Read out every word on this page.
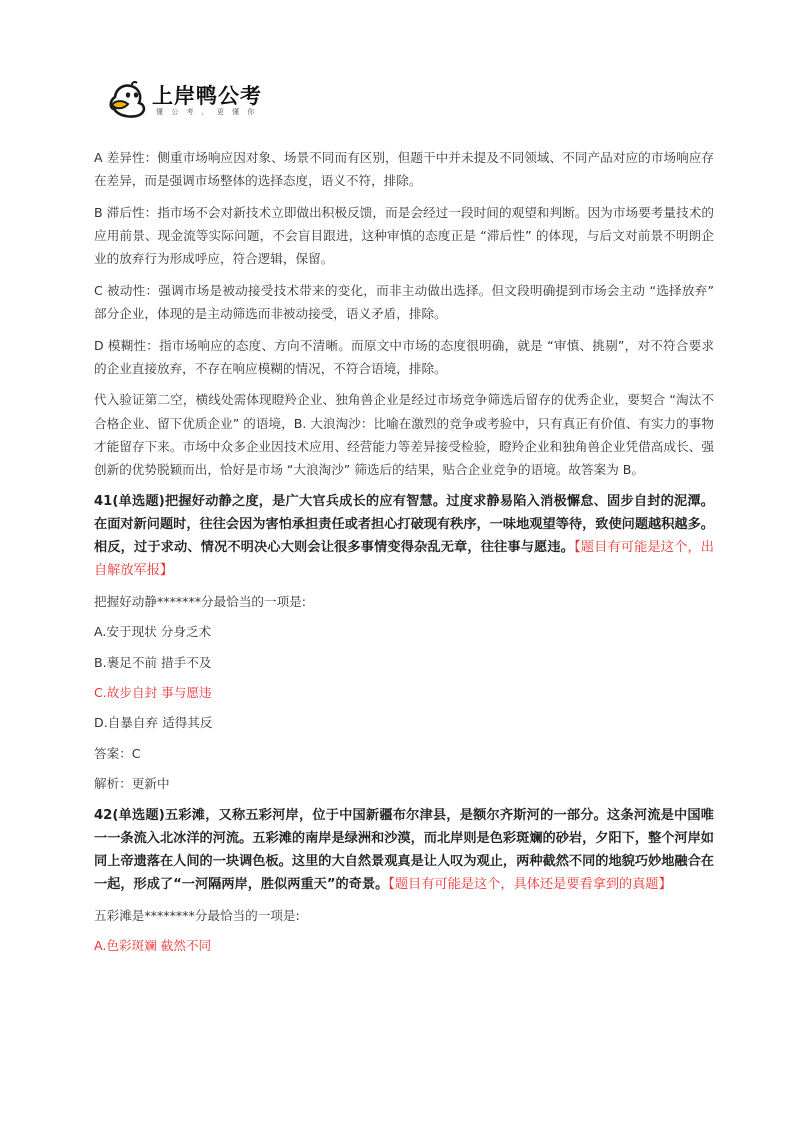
上岸鸭公考
懂 公 考 ， 更 懂 你

A 差异性：侧重市场响应因对象、场景不同而有区别，但题干中并未提及不同领域、不同产品对应的市场响应存在差异，而是强调市场整体的选择态度，语义不符，排除。

B 滞后性：指市场不会对新技术立即做出积极反馈，而是会经过一段时间的观望和判断。因为市场要考量技术的应用前景、现金流等实际问题，不会盲目跟进，这种审慎的态度正是 “滞后性” 的体现，与后文对前景不明朗企业的放弃行为形成呼应，符合逻辑，保留。

C 被动性：强调市场是被动接受技术带来的变化，而非主动做出选择。但文段明确提到市场会主动 “选择放弃” 部分企业，体现的是主动筛选而非被动接受，语义矛盾，排除。

D 模糊性：指市场响应的态度、方向不清晰。而原文中市场的态度很明确，就是 “审慎、挑剔”，对不符合要求的企业直接放弃，不存在响应模糊的情况，不符合语境，排除。

代入验证第二空，横线处需体现瞪羚企业、独角兽企业是经过市场竞争筛选后留存的优秀企业，要契合 “淘汰不合格企业、留下优质企业” 的语境，B. 大浪淘沙：比喻在激烈的竞争或考验中，只有真正有价值、有实力的事物才能留存下来。市场中众多企业因技术应用、经营能力等差异接受检验，瞪羚企业和独角兽企业凭借高成长、强创新的优势脱颖而出，恰好是市场 “大浪淘沙” 筛选后的结果，贴合企业竞争的语境。故答案为 B。

41(单选题)把握好动静之度，是广大官兵成长的应有智慧。过度求静易陷入消极懈怠、固步自封的泥潭。在面对新问题时，往往会因为害怕承担责任或者担心打破现有秩序，一味地观望等待，致使问题越积越多。相反，过于求动、情况不明决心大则会让很多事情变得杂乱无章，往往事与愿违。【题目有可能是这个，出自解放军报】

把握好动静*******分最恰当的一项是:

A.安于现状 分身乏术

B.裹足不前 措手不及

C.故步自封 事与愿违

D.自暴自弃 适得其反

答案：C

解析：更新中

42(单选题)五彩滩，又称五彩河岸，位于中国新疆布尔津县，是额尔齐斯河的一部分。这条河流是中国唯一一条流入北冰洋的河流。五彩滩的南岸是绿洲和沙漠，而北岸则是色彩斑斓的砂岩，夕阳下，整个河岸如同上帝遗落在人间的一块调色板。这里的大自然景观真是让人叹为观止，两种截然不同的地貌巧妙地融合在一起，形成了“一河隔两岸，胜似两重天”的奇景。【题目有可能是这个，具体还是要看拿到的真题】

五彩滩是********分最恰当的一项是:

A.色彩斑斓 截然不同
